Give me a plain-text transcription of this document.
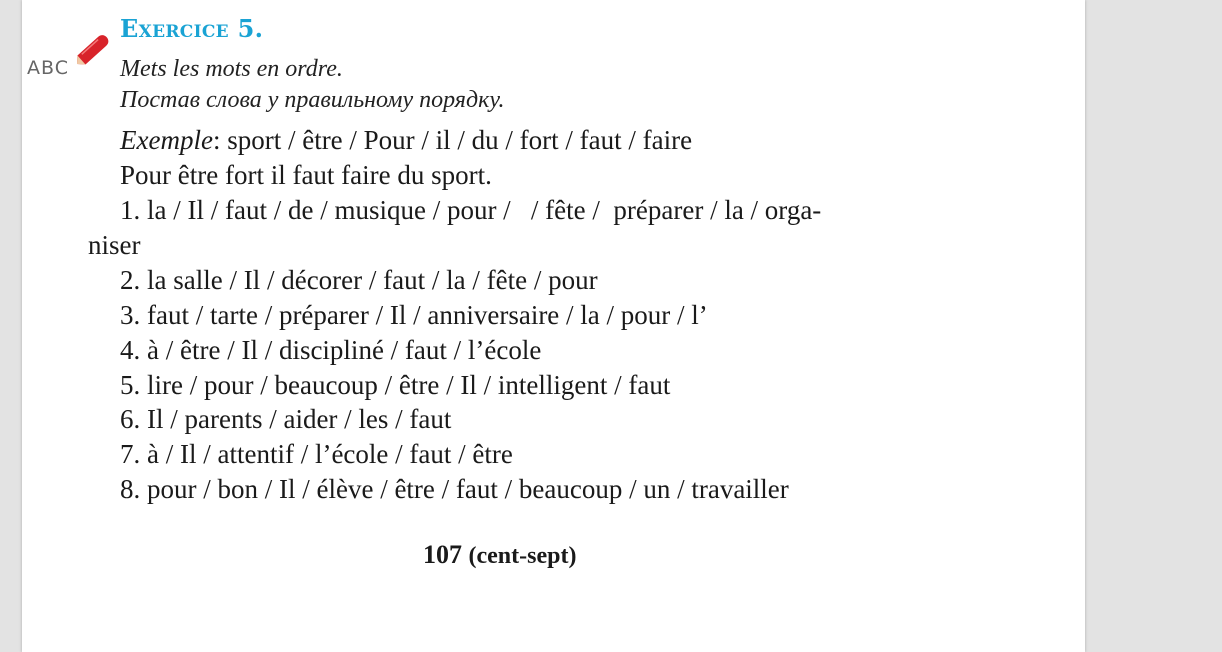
ABC
Exercice 5.
Mets les mots en ordre.
Постав слова у правильному порядку.
Exemple: sport / être / Pour / il / du / fort / faut / faire
Pour être fort il faut faire du sport.
1. la / Il / faut / de / musique / pour /   / fête /  préparer / la / orga-
niser
2. la salle / Il / décorer / faut / la / fête / pour
3. faut / tarte / préparer / Il / anniversaire / la / pour / l’
4. à / être / Il / discipliné / faut / l’école
5. lire / pour / beaucoup / être / Il / intelligent / faut
6. Il / parents / aider / les / faut
7. à / Il / attentif / l’école / faut / être
8. pour / bon / Il / élève / être / faut / beaucoup / un / travailler
107 (cent-sept)
